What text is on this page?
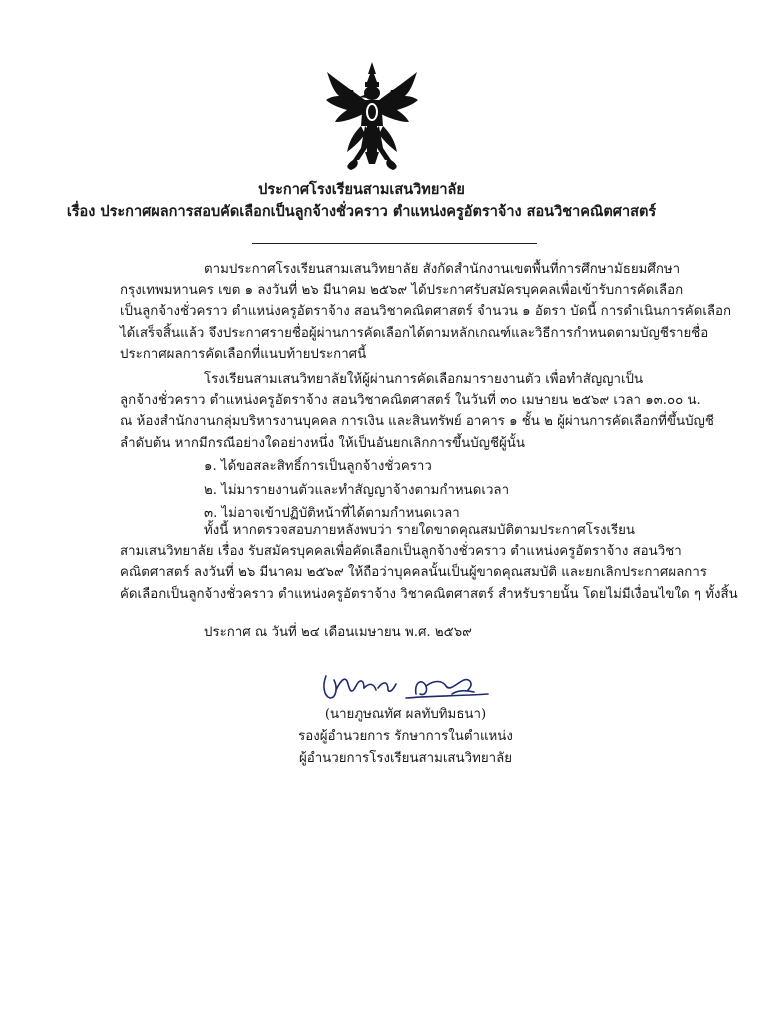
ประกาศโรงเรียนสามเสนวิทยาลัย
เรื่อง ประกาศผลการสอบคัดเลือกเป็นลูกจ้างชั่วคราว ตำแหน่งครูอัตราจ้าง สอนวิชาคณิตศาสตร์
ตามประกาศโรงเรียนสามเสนวิทยาลัย สังกัดสำนักงานเขตพื้นที่การศึกษามัธยมศึกษา
กรุงเทพมหานคร เขต ๑ ลงวันที่ ๒๖ มีนาคม ๒๕๖๙ ได้ประกาศรับสมัครบุคคลเพื่อเข้ารับการคัดเลือก
เป็นลูกจ้างชั่วคราว ตำแหน่งครูอัตราจ้าง สอนวิชาคณิตศาสตร์ จำนวน ๑ อัตรา บัดนี้ การดำเนินการคัดเลือก
ได้เสร็จสิ้นแล้ว จึงประกาศรายชื่อผู้ผ่านการคัดเลือกได้ตามหลักเกณฑ์และวิธีการกำหนดตามบัญชีรายชื่อ
ประกาศผลการคัดเลือกที่แนบท้ายประกาศนี้
โรงเรียนสามเสนวิทยาลัยให้ผู้ผ่านการคัดเลือกมารายงานตัว เพื่อทำสัญญาเป็น
ลูกจ้างชั่วคราว ตำแหน่งครูอัตราจ้าง สอนวิชาคณิตศาสตร์ ในวันที่ ๓๐ เมษายน ๒๕๖๙ เวลา ๑๓.๐๐ น.
ณ ห้องสำนักงานกลุ่มบริหารงานบุคคล การเงิน และสินทรัพย์ อาคาร ๑ ชั้น ๒ ผู้ผ่านการคัดเลือกที่ขึ้นบัญชี
ลำดับต้น หากมีกรณีอย่างใดอย่างหนึ่ง ให้เป็นอันยกเลิกการขึ้นบัญชีผู้นั้น
๑. ได้ขอสละสิทธิ์การเป็นลูกจ้างชั่วคราว
๒. ไม่มารายงานตัวและทำสัญญาจ้างตามกำหนดเวลา
๓. ไม่อาจเข้าปฏิบัติหน้าที่ได้ตามกำหนดเวลา
ทั้งนี้ หากตรวจสอบภายหลังพบว่า รายใดขาดคุณสมบัติตามประกาศโรงเรียน
สามเสนวิทยาลัย เรื่อง รับสมัครบุคคลเพื่อคัดเลือกเป็นลูกจ้างชั่วคราว ตำแหน่งครูอัตราจ้าง สอนวิชา
คณิตศาสตร์ ลงวันที่ ๒๖ มีนาคม ๒๕๖๙ ให้ถือว่าบุคคลนั้นเป็นผู้ขาดคุณสมบัติ และยกเลิกประกาศผลการ
คัดเลือกเป็นลูกจ้างชั่วคราว ตำแหน่งครูอัตราจ้าง วิชาคณิตศาสตร์ สำหรับรายนั้น โดยไม่มีเงื่อนไขใด ๆ ทั้งสิ้น
ประกาศ ณ วันที่ ๒๔ เดือนเมษายน พ.ศ. ๒๕๖๙
(นายภูษณทัศ ผลทับทิมธนา)
รองผู้อำนวยการ รักษาการในตำแหน่ง
ผู้อำนวยการโรงเรียนสามเสนวิทยาลัย
